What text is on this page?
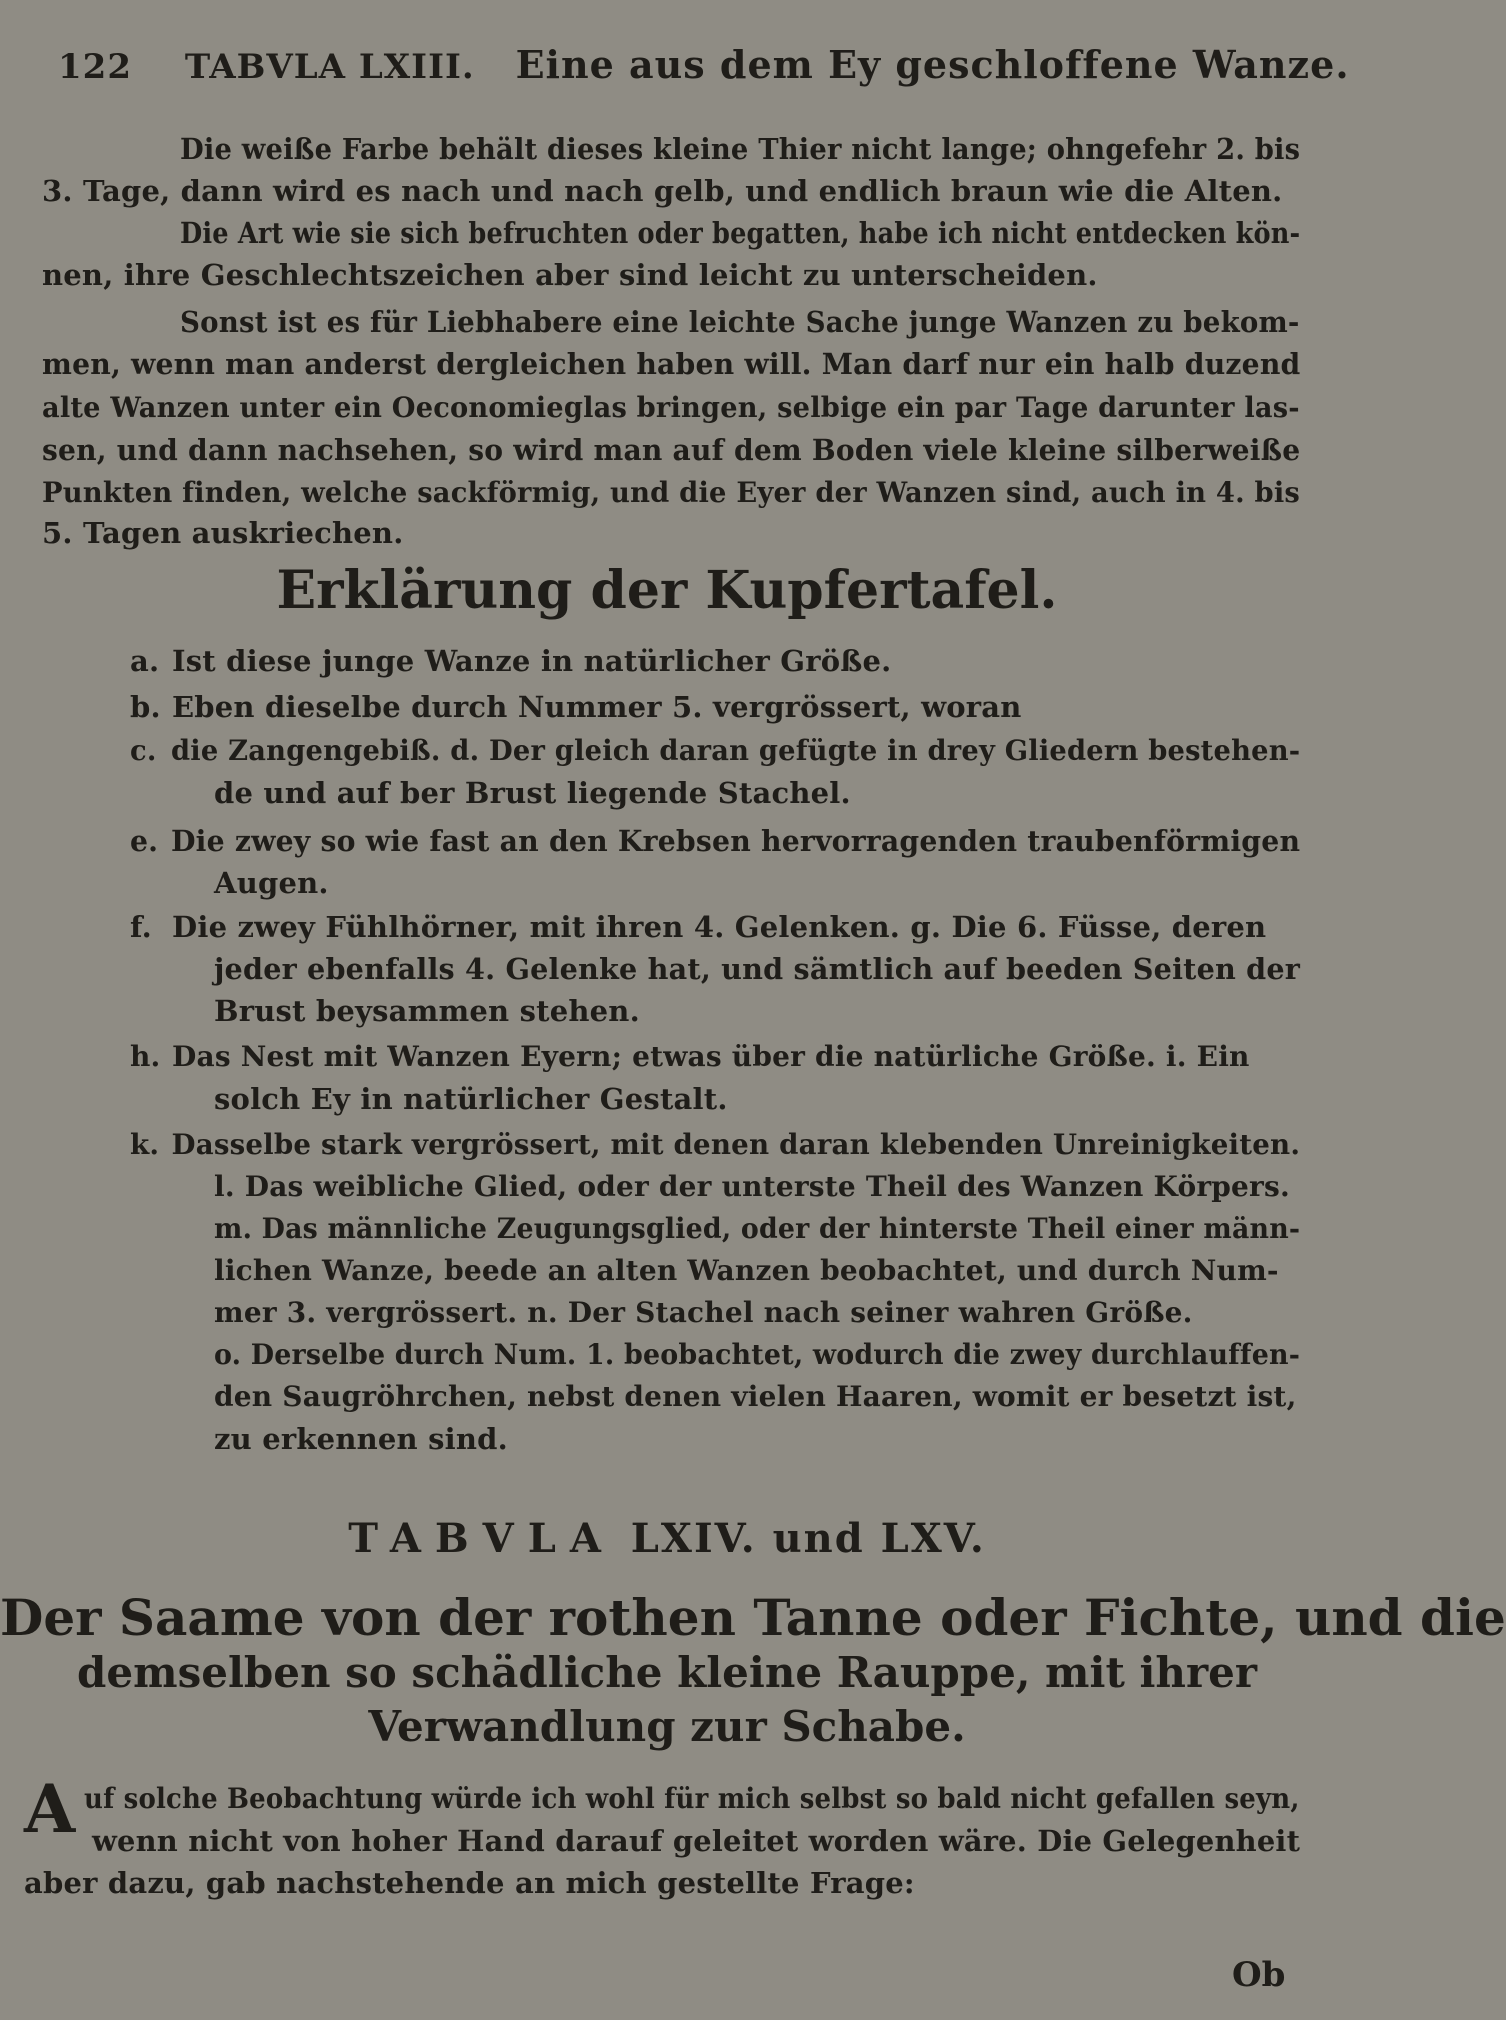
122 TABVLA LXIII. Eine aus dem Ey geschloffene Wanze.
Die weiße Farbe behält dieses kleine Thier nicht lange; ohngefehr 2. bis
3. Tage, dann wird es nach und nach gelb, und endlich braun wie die Alten.
Die Art wie sie sich befruchten oder begatten, habe ich nicht entdecken kön-
nen, ihre Geschlechtszeichen aber sind leicht zu unterscheiden.
Sonst ist es für Liebhabere eine leichte Sache junge Wanzen zu bekom-
men, wenn man anderst dergleichen haben will. Man darf nur ein halb duzend
alte Wanzen unter ein Oeconomieglas bringen, selbige ein par Tage darunter las-
sen, und dann nachsehen, so wird man auf dem Boden viele kleine silberweiße
Punkten finden, welche sackförmig, und die Eyer der Wanzen sind, auch in 4. bis
5. Tagen auskriechen.
Erklärung der Kupfertafel.
a. Ist diese junge Wanze in natürlicher Größe.
b. Eben dieselbe durch Nummer 5. vergrössert, woran
c. die Zangengebiß. d. Der gleich daran gefügte in drey Gliedern bestehen-
de und auf ber Brust liegende Stachel.
e. Die zwey so wie fast an den Krebsen hervorragenden traubenförmigen
Augen.
f. Die zwey Fühlhörner, mit ihren 4. Gelenken. g. Die 6. Füsse, deren
jeder ebenfalls 4. Gelenke hat, und sämtlich auf beeden Seiten der
Brust beysammen stehen.
h. Das Nest mit Wanzen Eyern; etwas über die natürliche Größe. i. Ein
solch Ey in natürlicher Gestalt.
k. Dasselbe stark vergrössert, mit denen daran klebenden Unreinigkeiten.
l. Das weibliche Glied, oder der unterste Theil des Wanzen Körpers.
m. Das männliche Zeugungsglied, oder der hinterste Theil einer männ-
lichen Wanze, beede an alten Wanzen beobachtet, und durch Num-
mer 3. vergrössert. n. Der Stachel nach seiner wahren Größe.
o. Derselbe durch Num. 1. beobachtet, wodurch die zwey durchlauffen-
den Saugröhrchen, nebst denen vielen Haaren, womit er besetzt ist,
zu erkennen sind.
TABVLA LXIV. und LXV.
Der Saame von der rothen Tanne oder Fichte, und die
demselben so schädliche kleine Rauppe, mit ihrer
Verwandlung zur Schabe.
A uf solche Beobachtung würde ich wohl für mich selbst so bald nicht gefallen seyn,
wenn nicht von hoher Hand darauf geleitet worden wäre. Die Gelegenheit
aber dazu, gab nachstehende an mich gestellte Frage:
Ob
